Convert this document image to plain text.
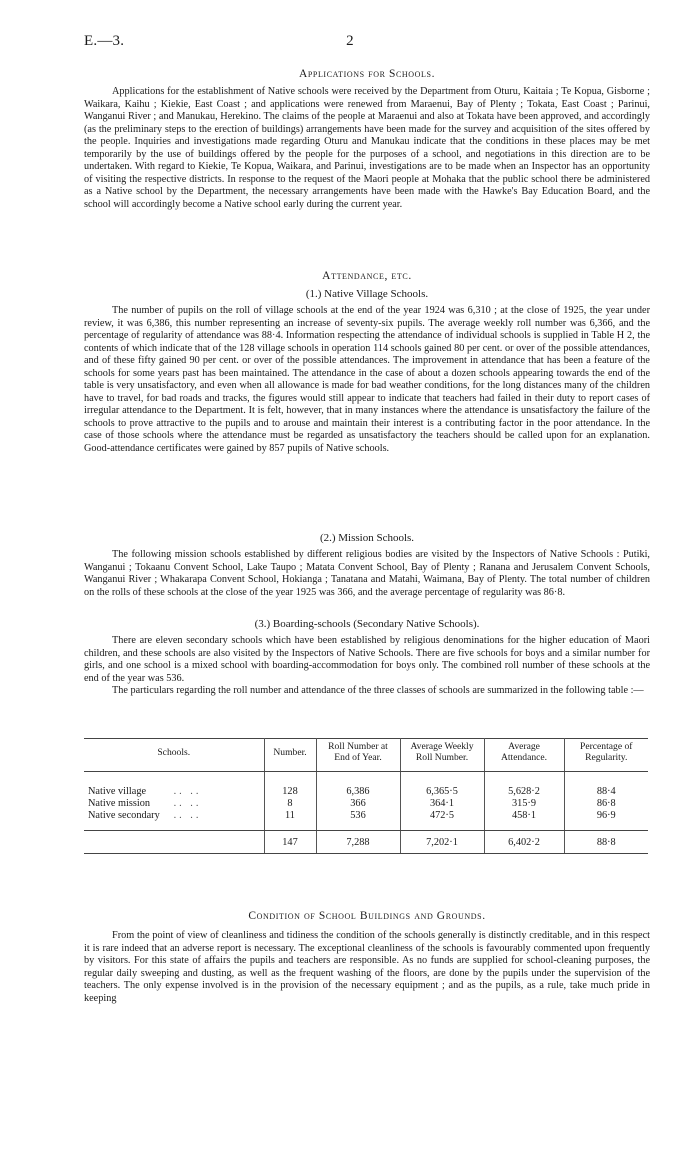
E.—3.	2

Applications for Schools.

Applications for the establishment of Native schools were received by the Department from Oturu, Kaitaia ; Te Kopua, Gisborne ; Waikara, Kaihu ; Kiekie, East Coast ; and applications were renewed from Maraenui, Bay of Plenty ; Tokata, East Coast ; Parinui, Wanganui River ; and Manukau, Herekino. The claims of the people at Maraenui and also at Tokata have been approved, and accordingly (as the preliminary steps to the erection of buildings) arrangements have been made for the survey and acquisition of the sites offered by the people. Inquiries and investigations made regarding Oturu and Manukau indicate that the conditions in these places may be met temporarily by the use of buildings offered by the people for the purposes of a school, and negotiations in this direction are to be undertaken. With regard to Kiekie, Te Kopua, Waikara, and Parinui, investigations are to be made when an Inspector has an opportunity of visiting the respective districts. In response to the request of the Maori people at Mohaka that the public school there be administered as a Native school by the Department, the necessary arrangements have been made with the Hawke's Bay Education Board, and the school will accordingly become a Native school early during the current year.

Attendance, etc.

(1.) Native Village Schools.

The number of pupils on the roll of village schools at the end of the year 1924 was 6,310 ; at the close of 1925, the year under review, it was 6,386, this number representing an increase of seventy-six pupils. The average weekly roll number was 6,366, and the percentage of regularity of attendance was 88·4. Information respecting the attendance of individual schools is supplied in Table H 2, the contents of which indicate that of the 128 village schools in operation 114 schools gained 80 per cent. or over of the possible attendances, and of these fifty gained 90 per cent. or over of the possible attendances. The improvement in attendance that has been a feature of the schools for some years past has been maintained. The attendance in the case of about a dozen schools appearing towards the end of the table is very unsatisfactory, and even when all allowance is made for bad weather conditions, for the long distances many of the children have to travel, for bad roads and tracks, the figures would still appear to indicate that teachers had failed in their duty to report cases of irregular attendance to the Department. It is felt, however, that in many instances where the attendance is unsatisfactory the failure of the schools to prove attractive to the pupils and to arouse and maintain their interest is a contributing factor in the poor attendance. In the case of those schools where the attendance must be regarded as unsatisfactory the teachers should be called upon for an explanation. Good-attendance certificates were gained by 857 pupils of Native schools.

(2.) Mission Schools.

The following mission schools established by different religious bodies are visited by the Inspectors of Native Schools : Putiki, Wanganui ; Tokaanu Convent School, Lake Taupo ; Matata Convent School, Bay of Plenty ; Ranana and Jerusalem Convent Schools, Wanganui River ; Whakarapa Convent School, Hokianga ; Tanatana and Matahi, Waimana, Bay of Plenty. The total number of children on the rolls of these schools at the close of the year 1925 was 366, and the average percentage of regularity was 86·8.

(3.) Boarding-schools (Secondary Native Schools).

There are eleven secondary schools which have been established by religious denominations for the higher education of Maori children, and these schools are also visited by the Inspectors of Native Schools. There are five schools for boys and a similar number for girls, and one school is a mixed school with boarding-accommodation for boys only. The combined roll number of these schools at the end of the year was 536.

The particulars regarding the roll number and attendance of the three classes of schools are summarized in the following table :—

Schools.	Number.	Roll Number at End of Year.	Average Weekly Roll Number.	Average Attendance.	Percentage of Regularity.

Native village .. ..	128	6,386	6,365·5	5,628·2	88·4
Native mission .. ..	8	366	364·1	315·9	86·8
Native secondary .. ..	11	536	472·5	458·1	96·9
	147	7,288	7,202·1	6,402·2	88·8

Condition of School Buildings and Grounds.

From the point of view of cleanliness and tidiness the condition of the schools generally is distinctly creditable, and in this respect it is rare indeed that an adverse report is necessary. The exceptional cleanliness of the schools is favourably commented upon frequently by visitors. For this state of affairs the pupils and teachers are responsible. As no funds are supplied for school-cleaning purposes, the regular daily sweeping and dusting, as well as the frequent washing of the floors, are done by the pupils under the supervision of the teachers. The only expense involved is in the provision of the necessary equipment ; and as the pupils, as a rule, take much pride in keeping
